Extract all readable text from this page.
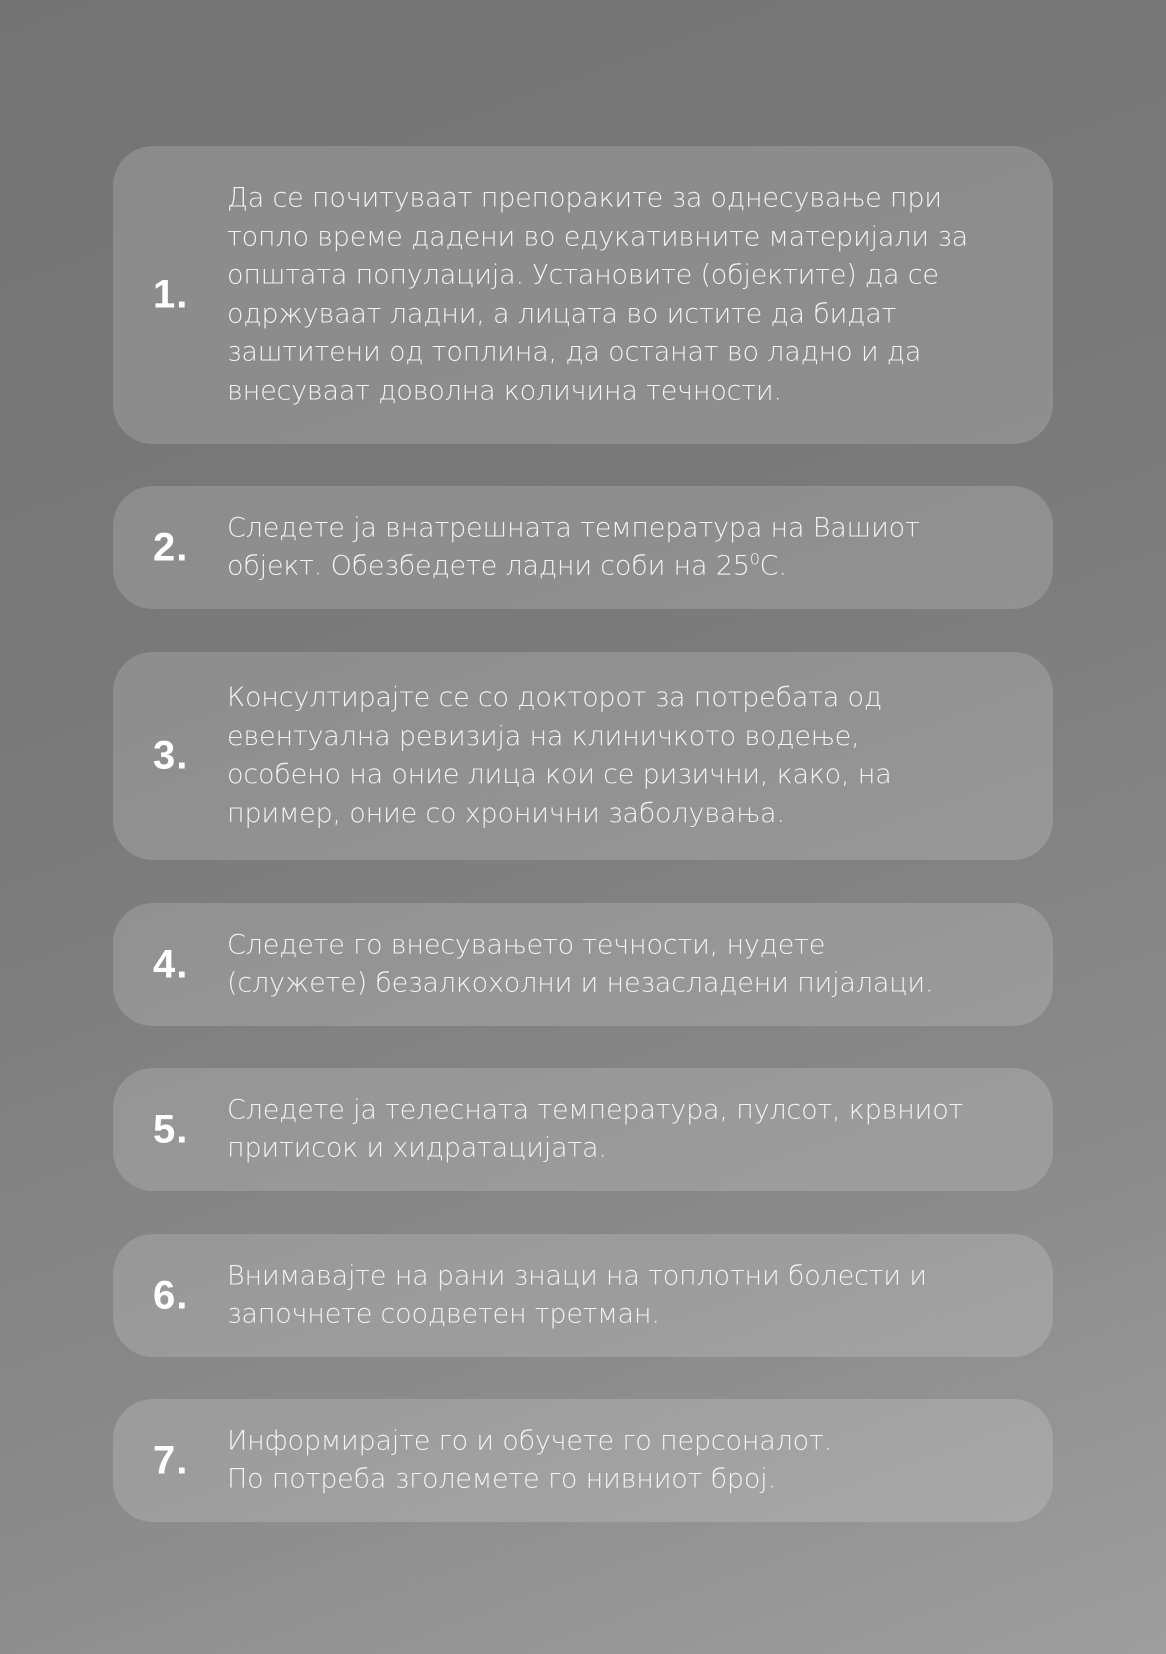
1.
Да се почитуваат препораките за однесување при
топло време дадени во едукативните материјали за
општата популација. Установите (објектите) да се
одржуваат ладни, а лицата во истите да бидат
заштитени од топлина, да останат во ладно и да
внесуваат доволна количина течности.
2. Следете ја внатрешната температура на Вашиот
објект. Обезбедете ладни соби на $25^0С$.
3.
Консултирајте се со докторот за потребата од
евентуална ревизија на клиничкото водење,
особено на оние лица кои се ризични, како, на
пример, оние со хронични заболувања.
4. Следете го внесувањето течности, нудете
(служете) безалкохолни и незасладени пијалаци.
5. Следете ја телесната температура, пулсот, крвниот
притисок и хидратацијата.
6. Внимавајте на рани знаци на топлотни болести и
започнете соодветен третман.
7. Информирајте го и обучете го персоналот.
По потреба зголемете го нивниот број.
